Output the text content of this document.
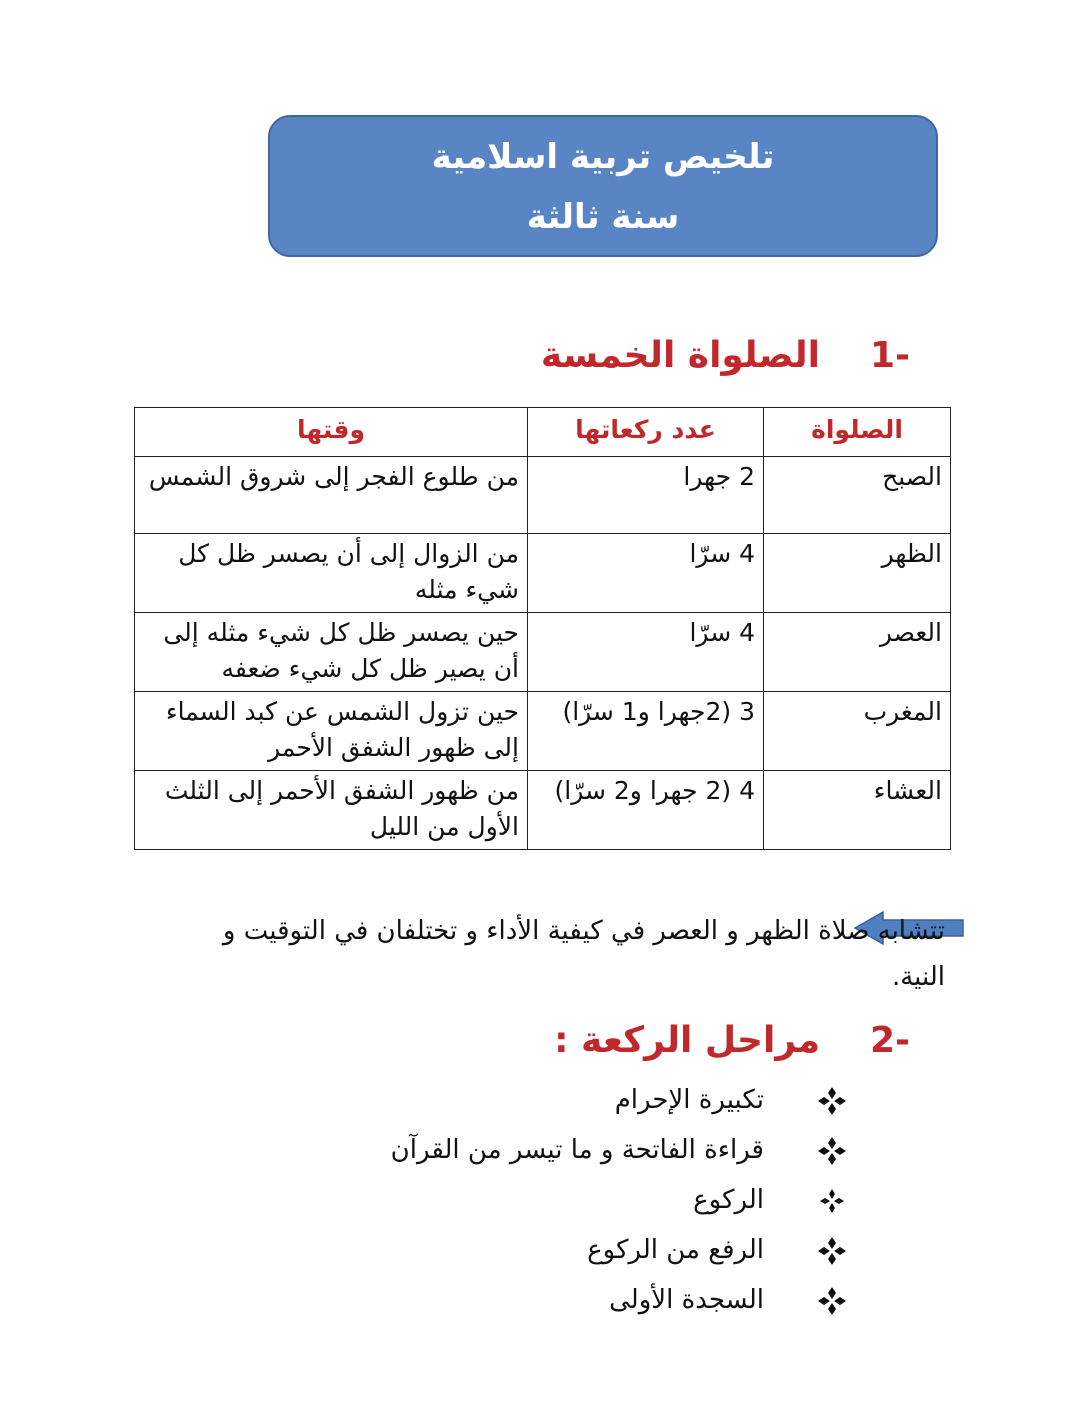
تلخيص تربية اسلامية
سنة ثالثة
-1الصلواة الخمسة
الصلواة	عدد ركعاتها	وقتها
الصبح	2 جهرا	من طلوع الفجر إلى شروق الشمس
الظهر	4 سرّا	من الزوال إلى أن يصسر ظل كل شيء مثله
العصر	4 سرّا	حين يصسر ظل كل شيء مثله إلى أن يصير ظل كل شيء ضعفه
المغرب	3 (2جهرا و1 سرّا)	حين تزول الشمس عن كبد السماء إلى ظهور الشفق الأحمر
العشاء	4 (2 جهرا و2 سرّا)	من ظهور الشفق الأحمر إلى الثلث الأول من الليل
تتشابه صلاة الظهر و العصر في كيفية الأداء و تختلفان في التوقيت و النية.
-2مراحل الركعة :
تكبيرة الإحرام
قراءة الفاتحة و ما تيسر من القرآن
الركوع
الرفع من الركوع
السجدة الأولى
